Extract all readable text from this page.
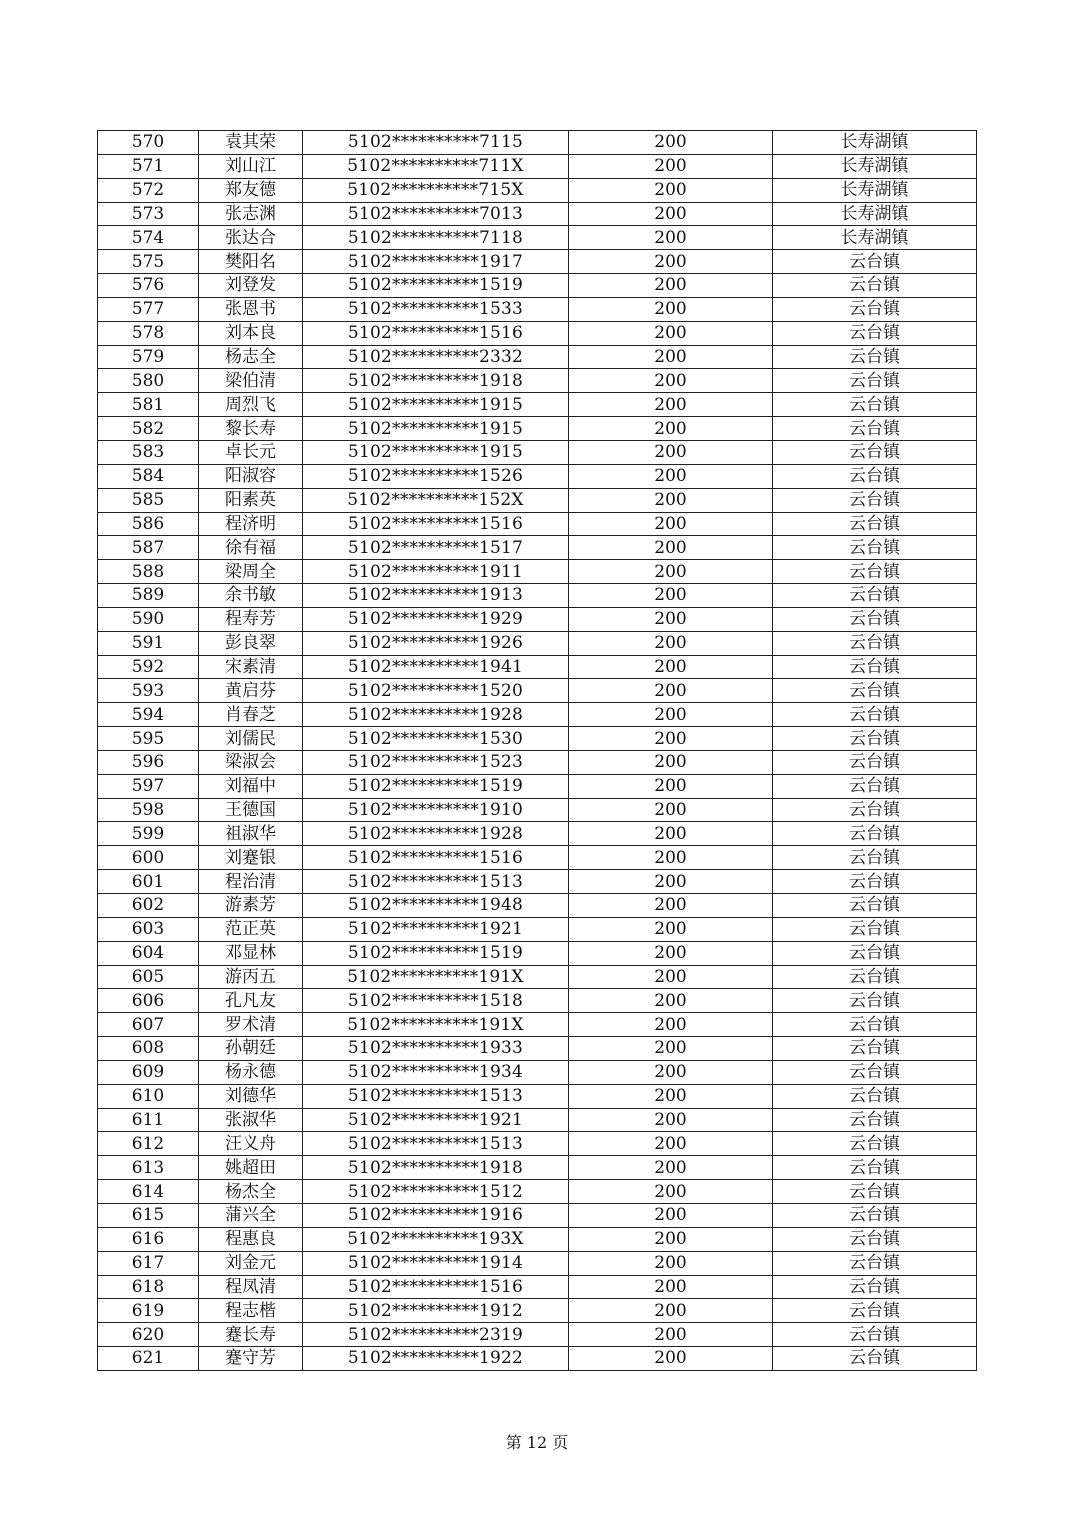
570	袁其荣	5102**********7115	200	长寿湖镇
571	刘山江	5102**********711X	200	长寿湖镇
572	郑友德	5102**********715X	200	长寿湖镇
573	张志渊	5102**********7013	200	长寿湖镇
574	张达合	5102**********7118	200	长寿湖镇
575	樊阳名	5102**********1917	200	云台镇
576	刘登发	5102**********1519	200	云台镇
577	张恩书	5102**********1533	200	云台镇
578	刘本良	5102**********1516	200	云台镇
579	杨志全	5102**********2332	200	云台镇
580	梁伯清	5102**********1918	200	云台镇
581	周烈飞	5102**********1915	200	云台镇
582	黎长寿	5102**********1915	200	云台镇
583	卓长元	5102**********1915	200	云台镇
584	阳淑容	5102**********1526	200	云台镇
585	阳素英	5102**********152X	200	云台镇
586	程济明	5102**********1516	200	云台镇
587	徐有福	5102**********1517	200	云台镇
588	梁周全	5102**********1911	200	云台镇
589	余书敏	5102**********1913	200	云台镇
590	程寿芳	5102**********1929	200	云台镇
591	彭良翠	5102**********1926	200	云台镇
592	宋素清	5102**********1941	200	云台镇
593	黄启芬	5102**********1520	200	云台镇
594	肖春芝	5102**********1928	200	云台镇
595	刘儒民	5102**********1530	200	云台镇
596	梁淑会	5102**********1523	200	云台镇
597	刘福中	5102**********1519	200	云台镇
598	王德国	5102**********1910	200	云台镇
599	祖淑华	5102**********1928	200	云台镇
600	刘蹇银	5102**********1516	200	云台镇
601	程治清	5102**********1513	200	云台镇
602	游素芳	5102**********1948	200	云台镇
603	范正英	5102**********1921	200	云台镇
604	邓显林	5102**********1519	200	云台镇
605	游丙五	5102**********191X	200	云台镇
606	孔凡友	5102**********1518	200	云台镇
607	罗术清	5102**********191X	200	云台镇
608	孙朝廷	5102**********1933	200	云台镇
609	杨永德	5102**********1934	200	云台镇
610	刘德华	5102**********1513	200	云台镇
611	张淑华	5102**********1921	200	云台镇
612	汪义舟	5102**********1513	200	云台镇
613	姚超田	5102**********1918	200	云台镇
614	杨杰全	5102**********1512	200	云台镇
615	蒲兴全	5102**********1916	200	云台镇
616	程惠良	5102**********193X	200	云台镇
617	刘金元	5102**********1914	200	云台镇
618	程凤清	5102**********1516	200	云台镇
619	程志楷	5102**********1912	200	云台镇
620	蹇长寿	5102**********2319	200	云台镇
621	蹇守芳	5102**********1922	200	云台镇
第 12 页
